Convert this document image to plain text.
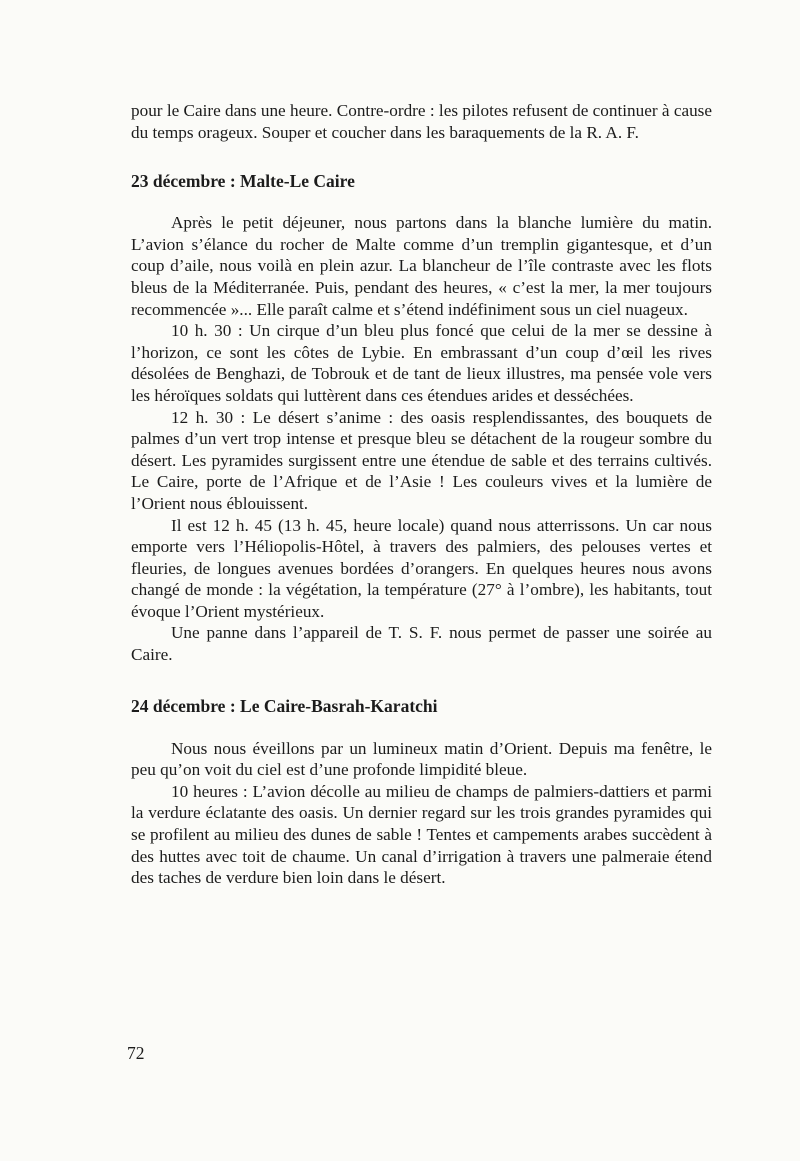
pour le Caire dans une heure. Contre-ordre : les pilotes refusent de continuer à cause du temps orageux. Souper et coucher dans les baraquements de la R. A. F.

23 décembre : Malte-Le Caire

Après le petit déjeuner, nous partons dans la blanche lumière du matin. L’avion s’élance du rocher de Malte comme d’un tremplin gigantesque, et d’un coup d’aile, nous voilà en plein azur. La blancheur de l’île contraste avec les flots bleus de la Méditerranée. Puis, pendant des heures, « c’est la mer, la mer toujours recommencée »... Elle paraît calme et s’étend indéfiniment sous un ciel nuageux.

10 h. 30 : Un cirque d’un bleu plus foncé que celui de la mer se dessine à l’horizon, ce sont les côtes de Lybie. En embrassant d’un coup d’œil les rives désolées de Benghazi, de Tobrouk et de tant de lieux illustres, ma pensée vole vers les héroïques soldats qui luttèrent dans ces étendues arides et desséchées.

12 h. 30 : Le désert s’anime : des oasis resplendissantes, des bouquets de palmes d’un vert trop intense et presque bleu se détachent de la rougeur sombre du désert. Les pyramides surgissent entre une étendue de sable et des terrains cultivés. Le Caire, porte de l’Afrique et de l’Asie ! Les couleurs vives et la lumière de l’Orient nous éblouissent.

Il est 12 h. 45 (13 h. 45, heure locale) quand nous atterrissons. Un car nous emporte vers l’Héliopolis-Hôtel, à travers des palmiers, des pelouses vertes et fleuries, de longues avenues bordées d’orangers. En quelques heures nous avons changé de monde : la végétation, la température (27° à l’ombre), les habitants, tout évoque l’Orient mystérieux.

Une panne dans l’appareil de T. S. F. nous permet de passer une soirée au Caire.

24 décembre : Le Caire-Basrah-Karatchi

Nous nous éveillons par un lumineux matin d’Orient. Depuis ma fenêtre, le peu qu’on voit du ciel est d’une profonde limpidité bleue.

10 heures : L’avion décolle au milieu de champs de palmiers-dattiers et parmi la verdure éclatante des oasis. Un dernier regard sur les trois grandes pyramides qui se profilent au milieu des dunes de sable ! Tentes et campements arabes succèdent à des huttes avec toit de chaume. Un canal d’irrigation à travers une palmeraie étend des taches de verdure bien loin dans le désert.

72
